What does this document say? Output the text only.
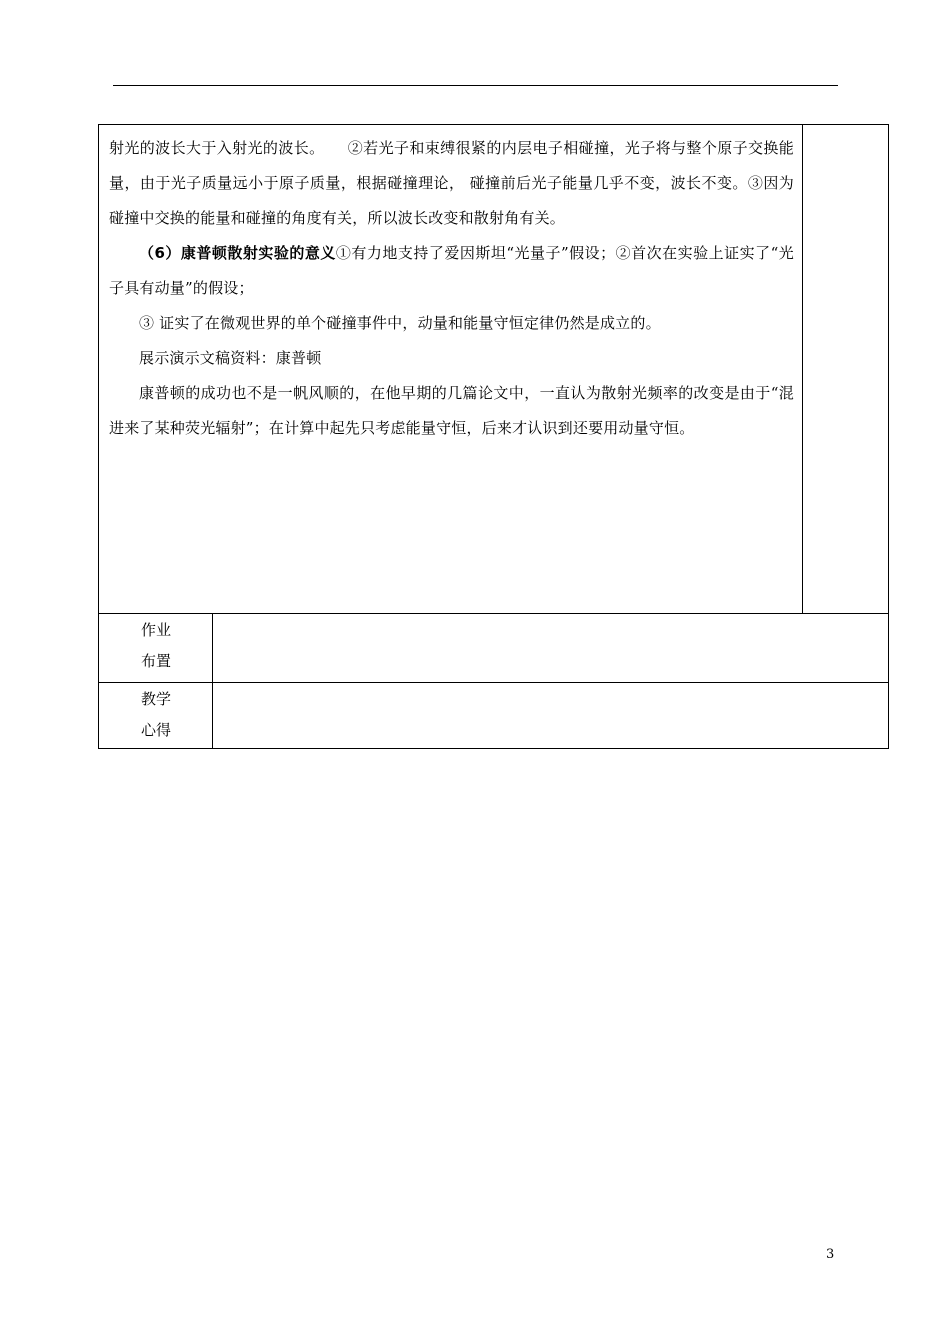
射光的波长大于入射光的波长。　　②若光子和束缚很紧的内层电子相碰撞，光子将与整个原子交换能量，由于光子质量远小于原子质量，根据碰撞理论， 碰撞前后光子能量几乎不变，波长不变。③因为碰撞中交换的能量和碰撞的角度有关，所以波长改变和散射角有关。

（6）康普顿散射实验的意义①有力地支持了爱因斯坦“光量子”假设；②首次在实验上证实了“光子具有动量”的假设；

③ 证实了在微观世界的单个碰撞事件中，动量和能量守恒定律仍然是成立的。

展示演示文稿资料：康普顿

康普顿的成功也不是一帆风顺的，在他早期的几篇论文中，一直认为散射光频率的改变是由于“混进来了某种荧光辐射”；在计算中起先只考虑能量守恒，后来才认识到还要用动量守恒。

作业
布置
教学
心得
3
